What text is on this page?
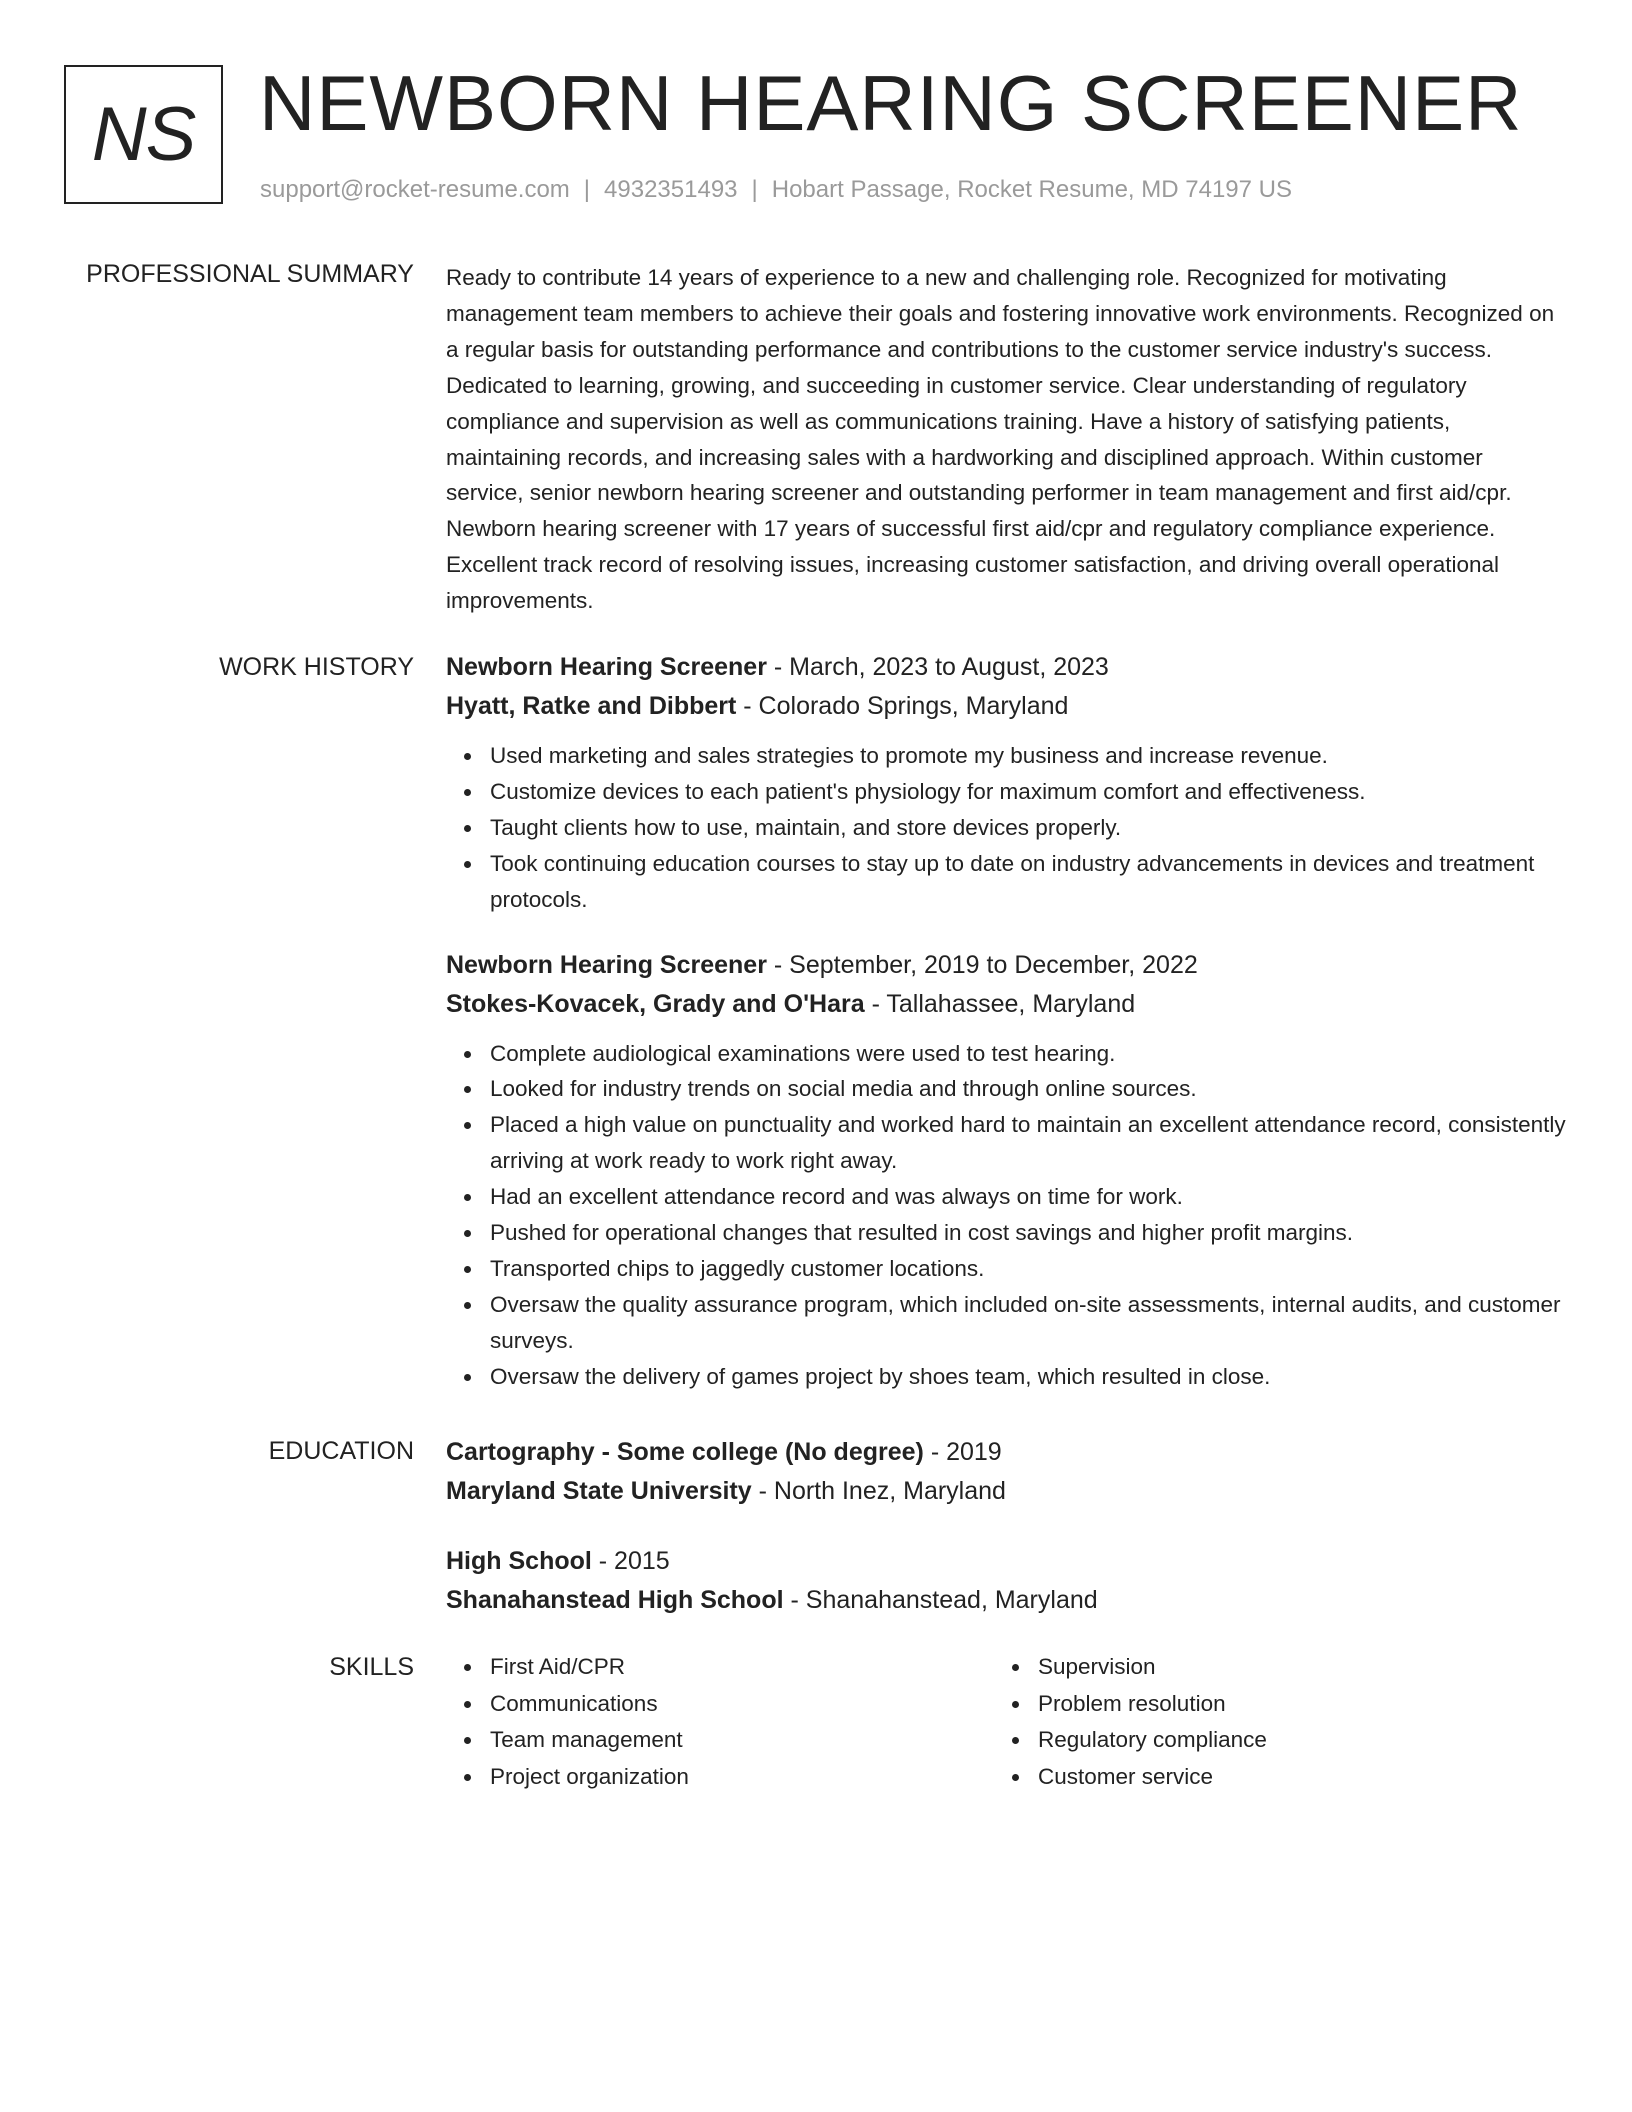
NS NEWBORN HEARING SCREENER
support@rocket-resume.com | 4932351493 | Hobart Passage, Rocket Resume, MD 74197 US
PROFESSIONAL SUMMARY Ready to contribute 14 years of experience to a new and challenging role. Recognized for motivating management team members to achieve their goals and fostering innovative work environments. Recognized on a regular basis for outstanding performance and contributions to the customer service industry's success. Dedicated to learning, growing, and succeeding in customer service. Clear understanding of regulatory compliance and supervision as well as communications training. Have a history of satisfying patients, maintaining records, and increasing sales with a hardworking and disciplined approach. Within customer service, senior newborn hearing screener and outstanding performer in team management and first aid/cpr. Newborn hearing screener with 17 years of successful first aid/cpr and regulatory compliance experience. Excellent track record of resolving issues, increasing customer satisfaction, and driving overall operational improvements.

WORK HISTORY Newborn Hearing Screener - March, 2023 to August, 2023
Hyatt, Ratke and Dibbert - Colorado Springs, Maryland
Used marketing and sales strategies to promote my business and increase revenue.
Customize devices to each patient's physiology for maximum comfort and effectiveness.
Taught clients how to use, maintain, and store devices properly.
Took continuing education courses to stay up to date on industry advancements in devices and treatment protocols.
Newborn Hearing Screener - September, 2019 to December, 2022
Stokes-Kovacek, Grady and O'Hara - Tallahassee, Maryland
Complete audiological examinations were used to test hearing.
Looked for industry trends on social media and through online sources.
Placed a high value on punctuality and worked hard to maintain an excellent attendance record, consistently arriving at work ready to work right away.
Had an excellent attendance record and was always on time for work.
Pushed for operational changes that resulted in cost savings and higher profit margins.
Transported chips to jaggedly customer locations.
Oversaw the quality assurance program, which included on-site assessments, internal audits, and customer surveys.
Oversaw the delivery of games project by shoes team, which resulted in close.
EDUCATION Cartography - Some college (No degree) - 2019
Maryland State University - North Inez, Maryland
High School - 2015
Shanahanstead High School - Shanahanstead, Maryland
SKILLS	First Aid/CPR
Communications
Team management
Project organization
Supervision
Problem resolution
Regulatory compliance
Customer service
